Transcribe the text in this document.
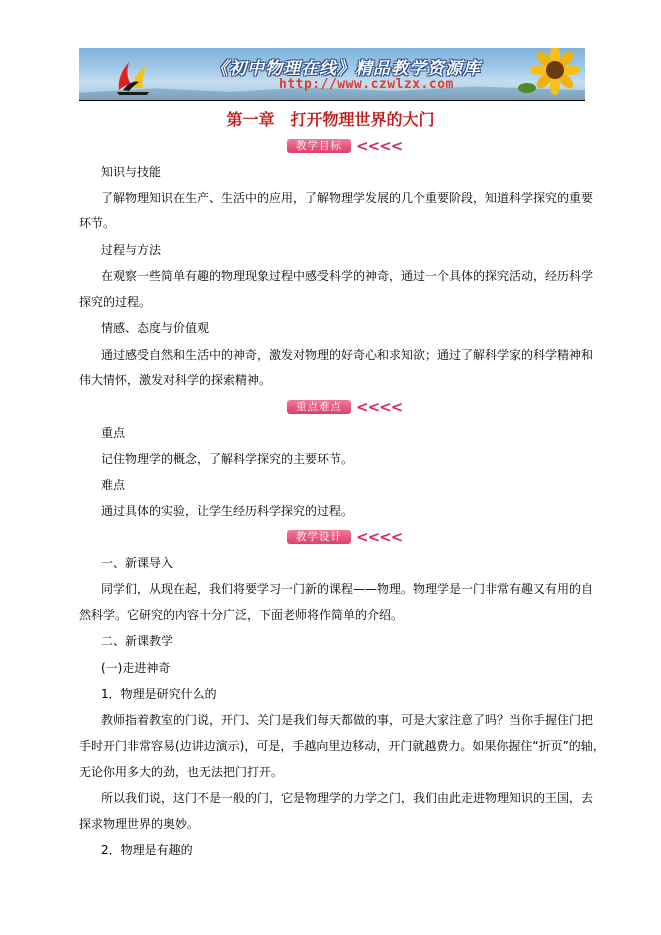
《初中物理在线》精品教学资源库
http://www.czwlzx.com
第一章　打开物理世界的大门
教学目标 <<<<
知识与技能
了解物理知识在生产、生活中的应用，了解物理学发展的几个重要阶段，知道科学探究的重要
环节。
过程与方法
在观察一些简单有趣的物理现象过程中感受科学的神奇，通过一个具体的探究活动，经历科学
探究的过程。
情感、态度与价值观
通过感受自然和生活中的神奇，激发对物理的好奇心和求知欲；通过了解科学家的科学精神和
伟大情怀，激发对科学的探索精神。
重点难点 <<<<
重点
记住物理学的概念，了解科学探究的主要环节。
难点
通过具体的实验，让学生经历科学探究的过程。
教学设计 <<<<
一、新课导入
同学们，从现在起，我们将要学习一门新的课程——物理。物理学是一门非常有趣又有用的自
然科学。它研究的内容十分广泛，下面老师将作简单的介绍。
二、新课教学
(一)走进神奇
1．物理是研究什么的
教师指着教室的门说，开门、关门是我们每天都做的事，可是大家注意了吗？当你手握住门把
手时开门非常容易(边讲边演示)，可是，手越向里边移动，开门就越费力。如果你握住“折页”的轴，
无论你用多大的劲，也无法把门打开。
所以我们说，这门不是一般的门，它是物理学的力学之门，我们由此走进物理知识的王国，去
探求物理世界的奥妙。
2．物理是有趣的
